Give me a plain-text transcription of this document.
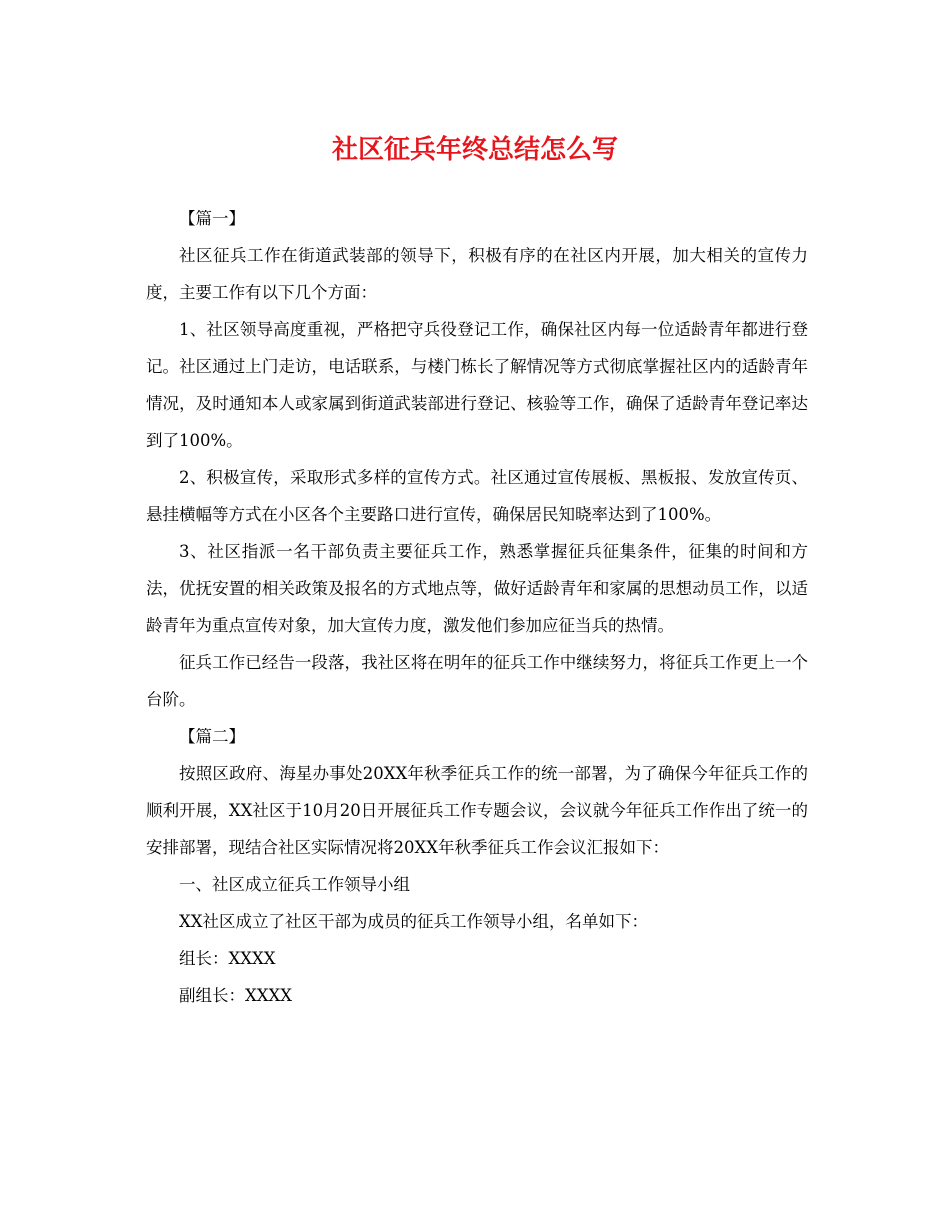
社区征兵年终总结怎么写

【篇一】

社区征兵工作在街道武装部的领导下，积极有序的在社区内开展，加大相关的宣传力度，主要工作有以下几个方面：

1、社区领导高度重视，严格把守兵役登记工作，确保社区内每一位适龄青年都进行登记。社区通过上门走访，电话联系，与楼门栋长了解情况等方式彻底掌握社区内的适龄青年情况，及时通知本人或家属到街道武装部进行登记、核验等工作，确保了适龄青年登记率达到了100%。

2、积极宣传，采取形式多样的宣传方式。社区通过宣传展板、黑板报、发放宣传页、悬挂横幅等方式在小区各个主要路口进行宣传，确保居民知晓率达到了100%。

3、社区指派一名干部负责主要征兵工作，熟悉掌握征兵征集条件，征集的时间和方法，优抚安置的相关政策及报名的方式地点等，做好适龄青年和家属的思想动员工作，以适龄青年为重点宣传对象，加大宣传力度，激发他们参加应征当兵的热情。

征兵工作已经告一段落，我社区将在明年的征兵工作中继续努力，将征兵工作更上一个台阶。

【篇二】

按照区政府、海星办事处20XX年秋季征兵工作的统一部署，为了确保今年征兵工作的顺利开展，XX社区于10月20日开展征兵工作专题会议，会议就今年征兵工作作出了统一的安排部署，现结合社区实际情况将20XX年秋季征兵工作会议汇报如下：

一、社区成立征兵工作领导小组

XX社区成立了社区干部为成员的征兵工作领导小组，名单如下：

组长：XXXX

副组长：XXXX
